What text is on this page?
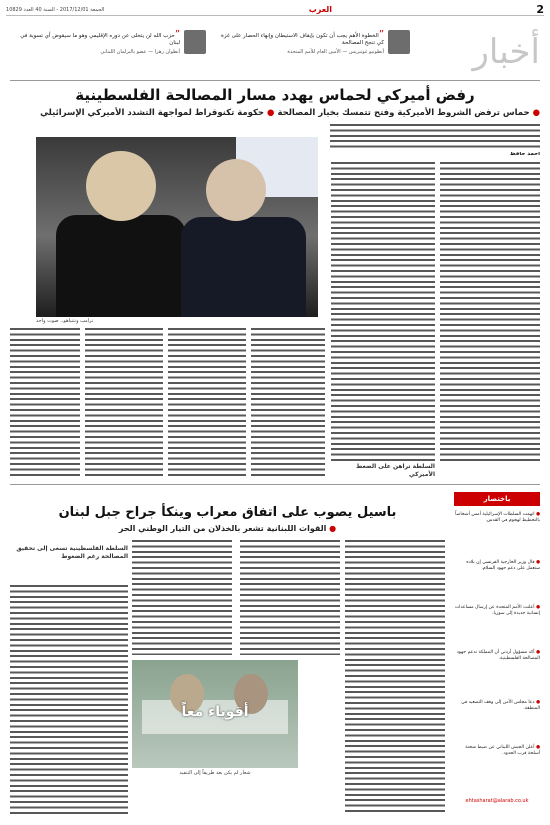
2
العرب
الجمعة 2017/12/01 - السنة 40 العدد 10829
أخبار
”الخطوة الأهم يجب أن تكون بإيقاف الاستيطان وإنهاء الحصار على غزة كي تنجح المصالحة
أنطونيو غوتيريس — الأمين العام للأمم المتحدة
”حزب الله لن يتخلى عن دوره الإقليمي وهو ما سيقوض أي تسوية في لبنان
أنطوان زهرا — عضو بالبرلمان اللبناني
رفض أميركي لحماس يهدد مسار المصالحة الفلسطينية
● حماس ترفض الشروط الأميركية وفتح تتمسك بخيار المصالحة ● حكومة تكنوقراط لمواجهة التشدد الأميركي الإسرائيلي
أحمد حافظ
ترامب ونتنياهو.. صوت واحد
السلطة تراهن على الضغط الأميركي
باختصار
● اتهمت السلطات الإسرائيلية أمس أشخاصاً بالتخطيط لهجوم في القدس.
● قال وزير الخارجية الفرنسي إن بلاده ستعمل على دعم جهود السلام.
● أعلنت الأمم المتحدة عن إرسال مساعدات إنسانية جديدة إلى سوريا.
● أكد مسؤول أردني أن المملكة تدعم جهود المصالحة الفلسطينية.
● دعا مجلس الأمن إلى وقف التصعيد في المنطقة.
● أعلن الجيش اللبناني عن ضبط شحنة أسلحة قرب الحدود.
ehtasharat@alarab.co.uk
باسيل يصوب على اتفاق معراب وينكأ جراح جبل لبنان
● القوات اللبنانية تشعر بالخذلان من التيار الوطني الحر
السلطة الفلسطينية تسعى إلى تحقيق المصالحة رغم الضغوط
أقوياء معاً
شعار لم يكن بعد طريقاً إلى التنفيذ
